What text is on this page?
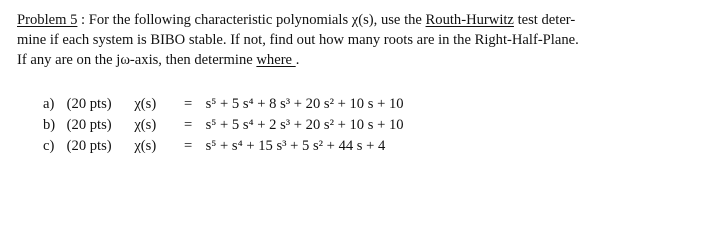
Problem 5 : For the following characteristic polynomials χ(s), use the Routh-Hurwitz test deter-
mine if each system is BIBO stable. If not, find out how many roots are in the Right-Half-Plane.
If any are on the jω-axis, then determine where .
a) (20 pts) χ(s) = s⁵ + 5 s⁴ + 8 s³ + 20 s² + 10 s + 10
b) (20 pts) χ(s) = s⁵ + 5 s⁴ + 2 s³ + 20 s² + 10 s + 10
c) (20 pts) χ(s) = s⁵ + s⁴ + 15 s³ + 5 s² + 44 s + 4
